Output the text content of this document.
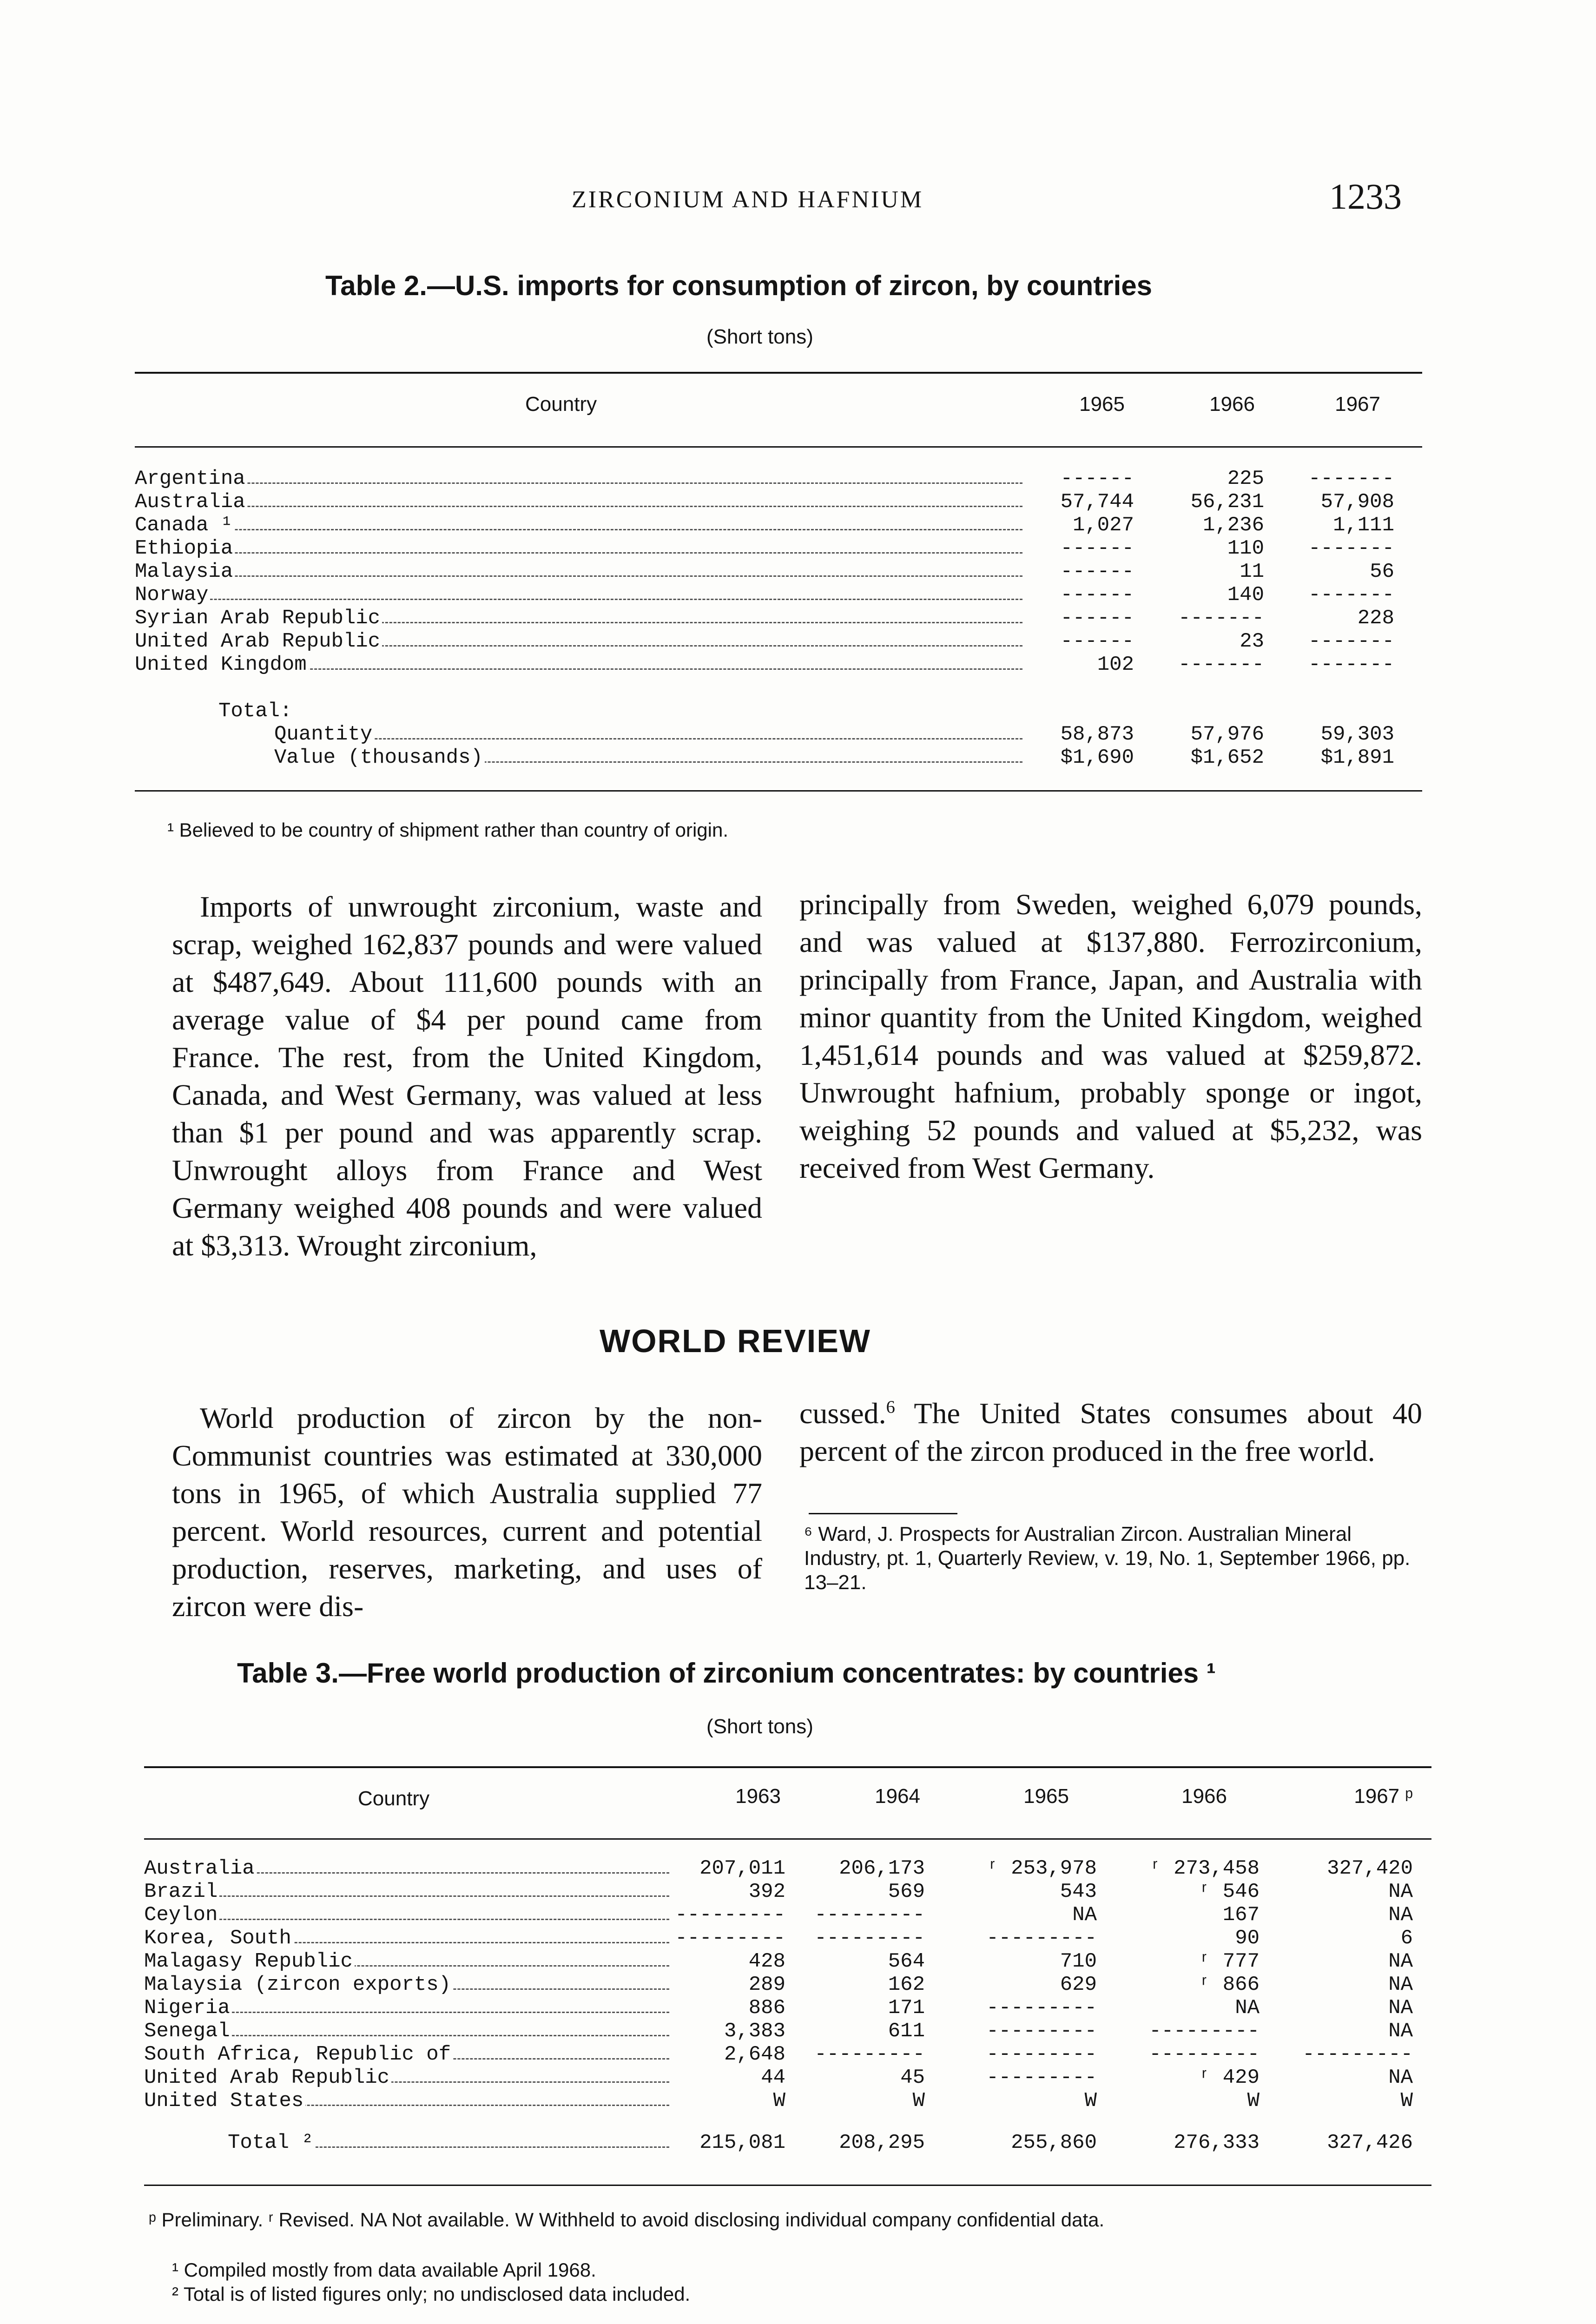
ZIRCONIUM AND HAFNIUM	1233
Table 2.—U.S. imports for consumption of zircon, by countries
(Short tons)
Country	1965	1966	1967
Argentina	------	225	-------
Australia	57,744	56,231	57,908
Canada ¹	1,027	1,236	1,111
Ethiopia	------	110	-------
Malaysia	------	11	56
Norway	------	140	-------
Syrian Arab Republic	------	-------	228
United Arab Republic	------	23	-------
United Kingdom	102	-------	-------
Total:
Quantity	58,873	57,976	59,303
Value (thousands)	$1,690	$1,652	$1,891
¹ Believed to be country of shipment rather than country of origin.
Imports of unwrought zirconium, waste and scrap, weighed 162,837 pounds and were valued at $487,649. About 111,600 pounds with an average value of $4 per pound came from France. The rest, from the United Kingdom, Canada, and West Germany, was valued at less than $1 per pound and was apparently scrap. Unwrought alloys from France and West Germany weighed 408 pounds and were valued at $3,313. Wrought zirconium,
principally from Sweden, weighed 6,079 pounds, and was valued at $137,880. Ferrozirconium, principally from France, Japan, and Australia with minor quantity from the United Kingdom, weighed 1,451,614 pounds and was valued at $259,872. Unwrought hafnium, probably sponge or ingot, weighing 52 pounds and valued at $5,232, was received from West Germany.
WORLD REVIEW
World production of zircon by the non-Communist countries was estimated at 330,000 tons in 1965, of which Australia supplied 77 percent. World resources, current and potential production, reserves, marketing, and uses of zircon were dis-
cussed.$^6$ The United States consumes about 40 percent of the zircon produced in the free world.
⁶ Ward, J. Prospects for Australian Zircon. Australian Mineral Industry, pt. 1, Quarterly Review, v. 19, No. 1, September 1966, pp. 13–21.
Table 3.—Free world production of zirconium concentrates: by countries ¹
(Short tons)
Country	1963	1964	1965	1966	1967 ᵖ
Australia	207,011	206,173	ʳ 253,978	ʳ 273,458	327,420
Brazil	392	569	543	ʳ 546	NA
Ceylon	---------	---------	NA	167	NA
Korea, South	---------	---------	---------	90	6
Malagasy Republic	428	564	710	ʳ 777	NA
Malaysia (zircon exports)	289	162	629	ʳ 866	NA
Nigeria	886	171	---------	NA	NA
Senegal	3,383	611	---------	---------	NA
South Africa, Republic of	2,648	---------	---------	---------	---------
United Arab Republic	44	45	---------	ʳ 429	NA
United States	W	W	W	W	W
Total ²	215,081	208,295	255,860	276,333	327,426
ᵖ Preliminary. ʳ Revised. NA Not available. W Withheld to avoid disclosing individual company confidential data.
¹ Compiled mostly from data available April 1968.
² Total is of listed figures only; no undisclosed data included.
